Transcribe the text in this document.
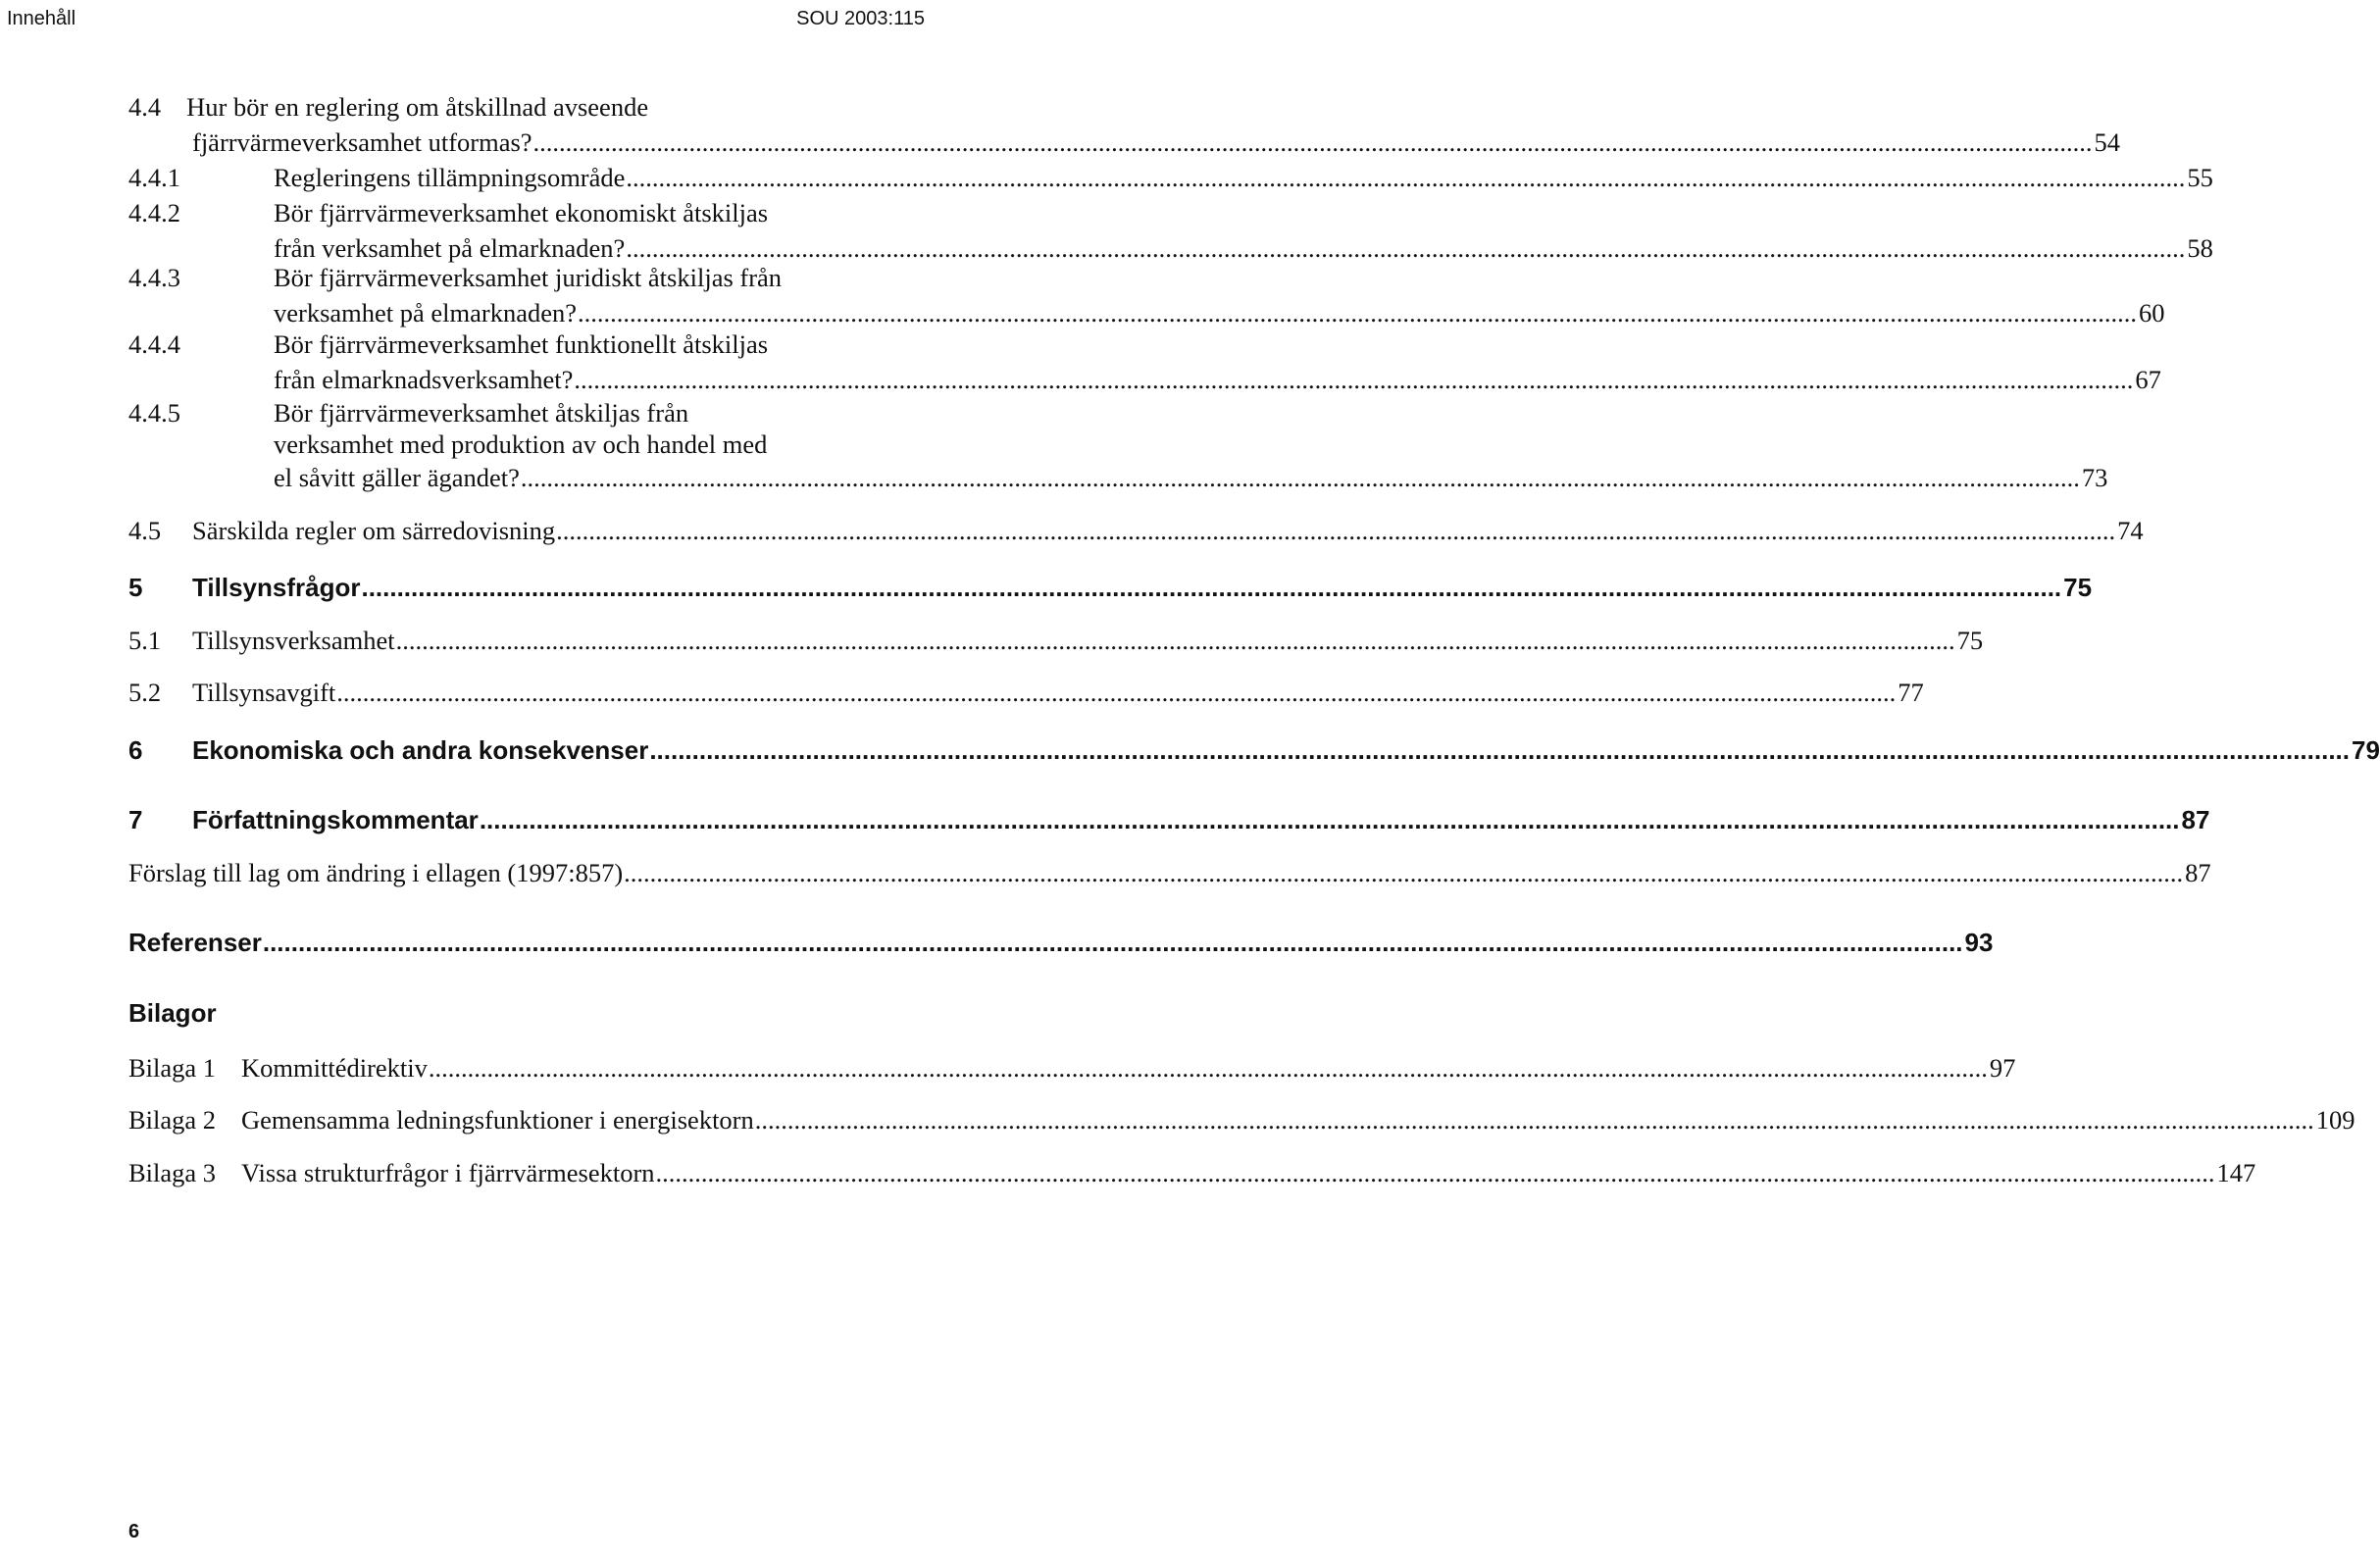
Innehåll	SOU 2003:115
4.4 Hur bör en reglering om åtskillnad avseende
fjärrvärmeverksamhet utformas? .....	54
4.4.1	Regleringens tillämpningsområde .....	55
4.4.2	Bör fjärrvärmeverksamhet ekonomiskt åtskiljas
från verksamhet på elmarknaden? .....	58
4.4.3	Bör fjärrvärmeverksamhet juridiskt åtskiljas från
verksamhet på elmarknaden? .....	60
4.4.4	Bör fjärrvärmeverksamhet funktionellt åtskiljas
från elmarknadsverksamhet? .....	67
4.4.5	Bör fjärrvärmeverksamhet åtskiljas från
verksamhet med produktion av och handel med
el såvitt gäller ägandet? .....	73
4.5	Särskilda regler om särredovisning .....	74
5	Tillsynsfrågor .....	75
5.1	Tillsynsverksamhet .....	75
5.2	Tillsynsavgift .....	77
6	Ekonomiska och andra konsekvenser .....	79
7	Författningskommentar .....	87
Förslag till lag om ändring i ellagen (1997:857) .....	87
Referenser .....	93
Bilagor
Bilaga 1 Kommittédirektiv .....	97
Bilaga 2 Gemensamma ledningsfunktioner i energisektorn .....	109
Bilaga 3 Vissa strukturfrågor i fjärrvärmesektorn .....	147
6
